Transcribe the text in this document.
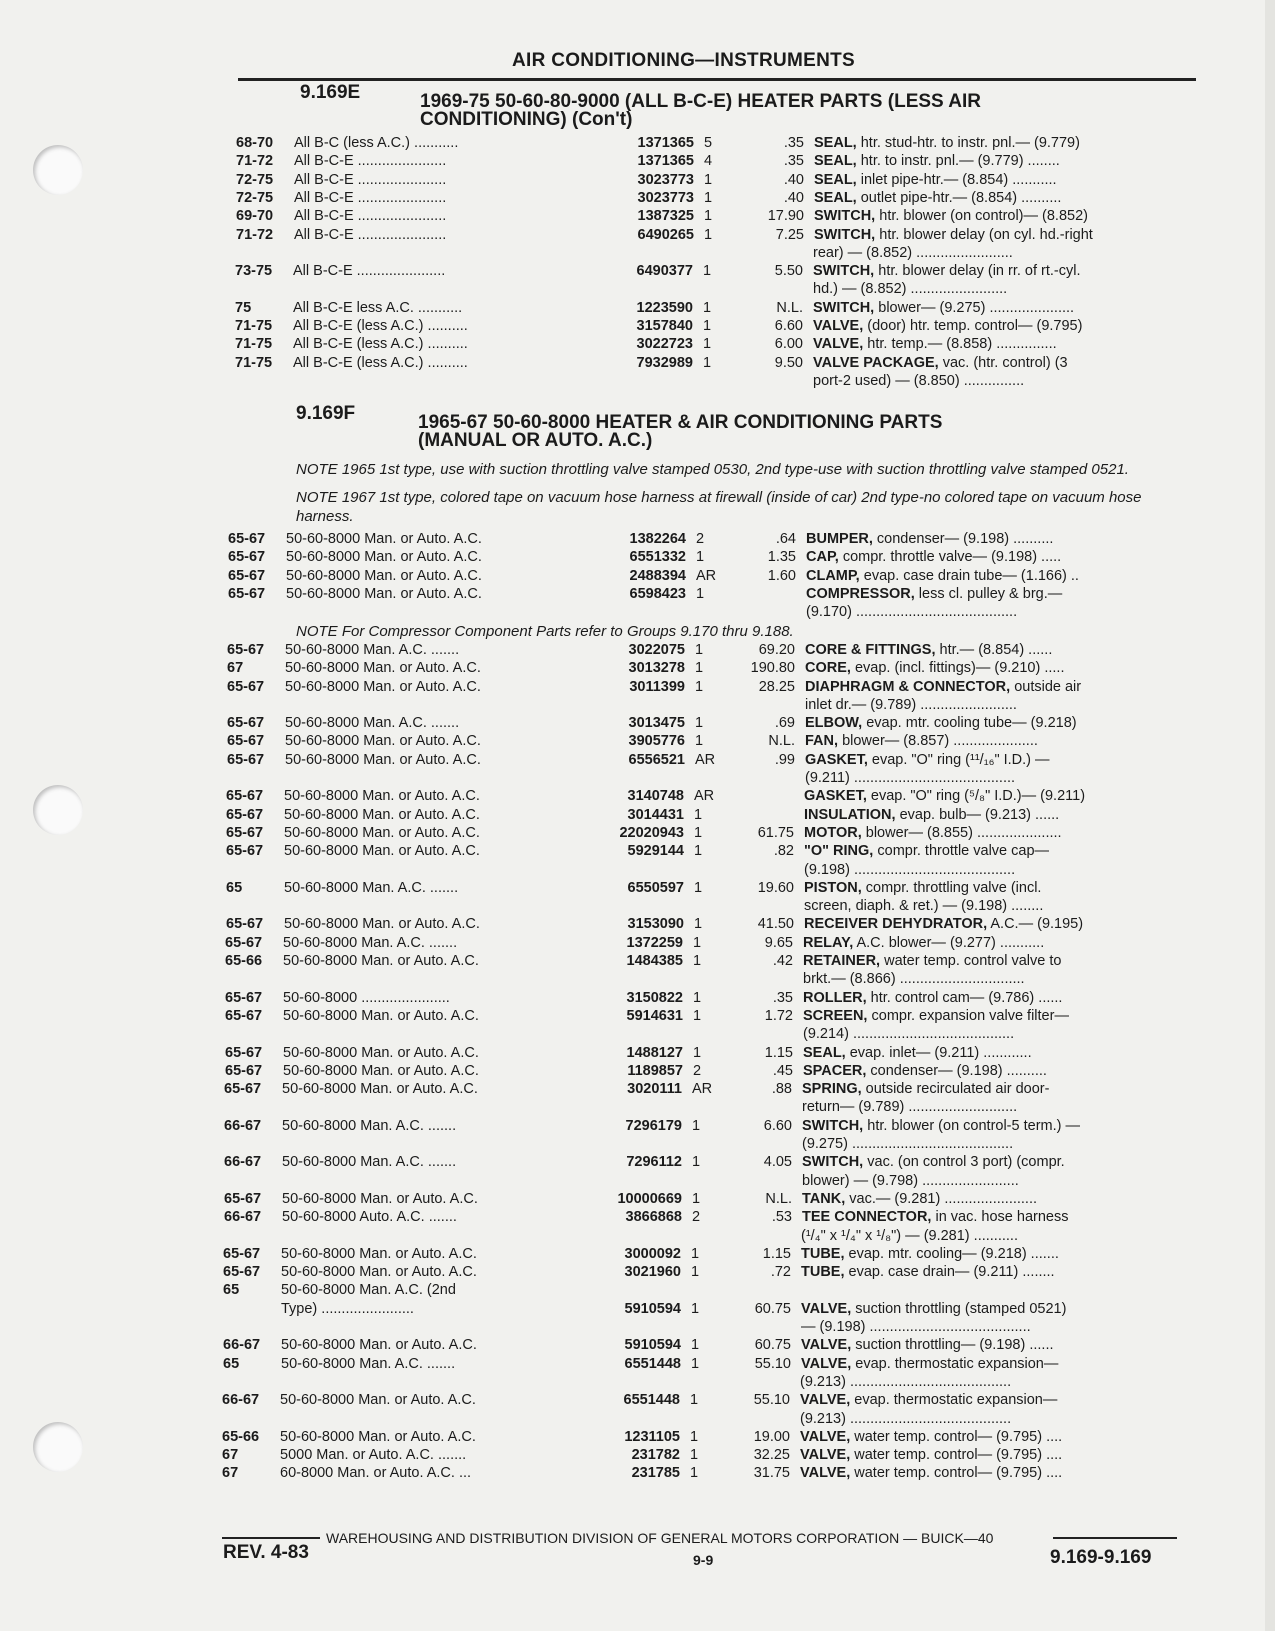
AIR CONDITIONING—INSTRUMENTS
9.169E	1969-75 50-60-80-9000 (ALL B-C-E) HEATER PARTS (LESS AIR
CONDITIONING) (Con't)
68-70 All B-C (less A.C.) ...........	1371365 5	.35 SEAL, htr. stud-htr. to instr. pnl.— (9.779)
71-72 All B-C-E ......................	1371365 4	.35 SEAL, htr. to instr. pnl.— (9.779) ........
72-75 All B-C-E ......................	3023773 1	.40 SEAL, inlet pipe-htr.— (8.854) ...........
72-75 All B-C-E ......................	3023773 1	.40 SEAL, outlet pipe-htr.— (8.854) ..........
69-70 All B-C-E ......................	1387325 1	17.90 SWITCH, htr. blower (on control)— (8.852)
71-72 All B-C-E ......................	6490265 1	7.25 SWITCH, htr. blower delay (on cyl. hd.-right
rear) — (8.852) ........................
73-75 All B-C-E ......................	6490377 1	5.50 SWITCH, htr. blower delay (in rr. of rt.-cyl.
hd.) — (8.852) ........................
75	All B-C-E less A.C. ...........	1223590 1	N.L. SWITCH, blower— (9.275) .....................
71-75 All B-C-E (less A.C.) ..........	3157840 1	6.60 VALVE, (door) htr. temp. control— (9.795)
71-75 All B-C-E (less A.C.) ..........	3022723 1	6.00 VALVE, htr. temp.— (8.858) ...............
71-75 All B-C-E (less A.C.) ..........	7932989 1	9.50 VALVE PACKAGE, vac. (htr. control) (3
port-2 used) — (8.850) ...............
9.169F	1965-67 50-60-8000 HEATER & AIR CONDITIONING PARTS
(MANUAL OR AUTO. A.C.)
NOTE 1965 1st type, use with suction throttling valve stamped 0530, 2nd type-use with suction throttling valve stamped 0521.
NOTE 1967 1st type, colored tape on vacuum hose harness at firewall (inside of car) 2nd type-no colored tape on vacuum hose harness.
NOTE For Compressor Component Parts refer to Groups 9.170 thru 9.188.
65-67 50-60-8000 Man. or Auto. A.C.	1382264 2	.64 BUMPER, condenser— (9.198) ..........
65-67 50-60-8000 Man. or Auto. A.C.	6551332 1	1.35 CAP, compr. throttle valve— (9.198) .....
65-67 50-60-8000 Man. or Auto. A.C.	2488394 AR	1.60 CLAMP, evap. case drain tube— (1.166) ..
65-67 50-60-8000 Man. or Auto. A.C.	6598423 1	COMPRESSOR, less cl. pulley & brg.—
(9.170) ........................................
65-67 50-60-8000 Man. A.C. .......	3022075 1	69.20 CORE & FITTINGS, htr.— (8.854) ......
67	50-60-8000 Man. or Auto. A.C.	3013278 1	190.80 CORE, evap. (incl. fittings)— (9.210) .....
65-67 50-60-8000 Man. or Auto. A.C.	3011399 1	28.25 DIAPHRAGM & CONNECTOR, outside air
inlet dr.— (9.789) ........................
65-67 50-60-8000 Man. A.C. .......	3013475 1	.69 ELBOW, evap. mtr. cooling tube— (9.218)
65-67 50-60-8000 Man. or Auto. A.C.	3905776 1	N.L. FAN, blower— (8.857) .....................
65-67 50-60-8000 Man. or Auto. A.C.	6556521 AR	.99 GASKET, evap. "O" ring (¹¹/₁₆" I.D.) —
(9.211) ........................................
65-67 50-60-8000 Man. or Auto. A.C.	3140748 AR	GASKET, evap. "O" ring (⁵/₈" I.D.)— (9.211)
65-67 50-60-8000 Man. or Auto. A.C.	3014431 1	INSULATION, evap. bulb— (9.213) ......
65-67 50-60-8000 Man. or Auto. A.C.	22020943 1	61.75 MOTOR, blower— (8.855) .....................
65-67 50-60-8000 Man. or Auto. A.C.	5929144 1	.82 "O" RING, compr. throttle valve cap—
(9.198) ........................................
65	50-60-8000 Man. A.C. .......	6550597 1	19.60 PISTON, compr. throttling valve (incl.
screen, diaph. & ret.) — (9.198) ........
65-67 50-60-8000 Man. or Auto. A.C.	3153090 1	41.50 RECEIVER DEHYDRATOR, A.C.— (9.195)
65-67 50-60-8000 Man. A.C. .......	1372259 1	9.65 RELAY, A.C. blower— (9.277) ...........
65-66 50-60-8000 Man. or Auto. A.C.	1484385 1	.42 RETAINER, water temp. control valve to
brkt.— (8.866) ...............................
65-67 50-60-8000 ......................	3150822 1	.35 ROLLER, htr. control cam— (9.786) ......
65-67 50-60-8000 Man. or Auto. A.C.	5914631 1	1.72 SCREEN, compr. expansion valve filter—
(9.214) ........................................
65-67 50-60-8000 Man. or Auto. A.C.	1488127 1	1.15 SEAL, evap. inlet— (9.211) ............
65-67 50-60-8000 Man. or Auto. A.C.	1189857 2	.45 SPACER, condenser— (9.198) ..........
65-67 50-60-8000 Man. or Auto. A.C.	3020111 AR	.88 SPRING, outside recirculated air door-
return— (9.789) ...........................
66-67 50-60-8000 Man. A.C. .......	7296179 1	6.60 SWITCH, htr. blower (on control-5 term.) —
(9.275) ........................................
66-67 50-60-8000 Man. A.C. .......	7296112 1	4.05 SWITCH, vac. (on control 3 port) (compr.
blower) — (9.798) ........................
65-67 50-60-8000 Man. or Auto. A.C.	10000669 1	N.L. TANK, vac.— (9.281) .......................
66-67 50-60-8000 Auto. A.C. .......	3866868 2	.53 TEE CONNECTOR, in vac. hose harness
(¹/₄" x ¹/₄" x ¹/₈") — (9.281) ...........
65-67 50-60-8000 Man. or Auto. A.C.	3000092 1	1.15 TUBE, evap. mtr. cooling— (9.218) .......
65-67 50-60-8000 Man. or Auto. A.C.	3021960 1	.72 TUBE, evap. case drain— (9.211) ........
65	50-60-8000 Man. A.C. (2nd
Type) .......................	5910594 1	60.75 VALVE, suction throttling (stamped 0521)
— (9.198) ........................................
66-67 50-60-8000 Man. or Auto. A.C.	5910594 1	60.75 VALVE, suction throttling— (9.198) ......
65	50-60-8000 Man. A.C. .......	6551448 1	55.10 VALVE, evap. thermostatic expansion—
(9.213) ........................................
66-67 50-60-8000 Man. or Auto. A.C.	6551448 1	55.10 VALVE, evap. thermostatic expansion—
(9.213) ........................................
65-66 50-60-8000 Man. or Auto. A.C.	1231105 1	19.00 VALVE, water temp. control— (9.795) ....
67	5000 Man. or Auto. A.C. .......	231782 1	32.25 VALVE, water temp. control— (9.795) ....
67	60-8000 Man. or Auto. A.C. ...	231785 1	31.75 VALVE, water temp. control— (9.795) ....
WAREHOUSING AND DISTRIBUTION DIVISION OF GENERAL MOTORS CORPORATION — BUICK—40
REV. 4-83	9-9	9.169-9.169
